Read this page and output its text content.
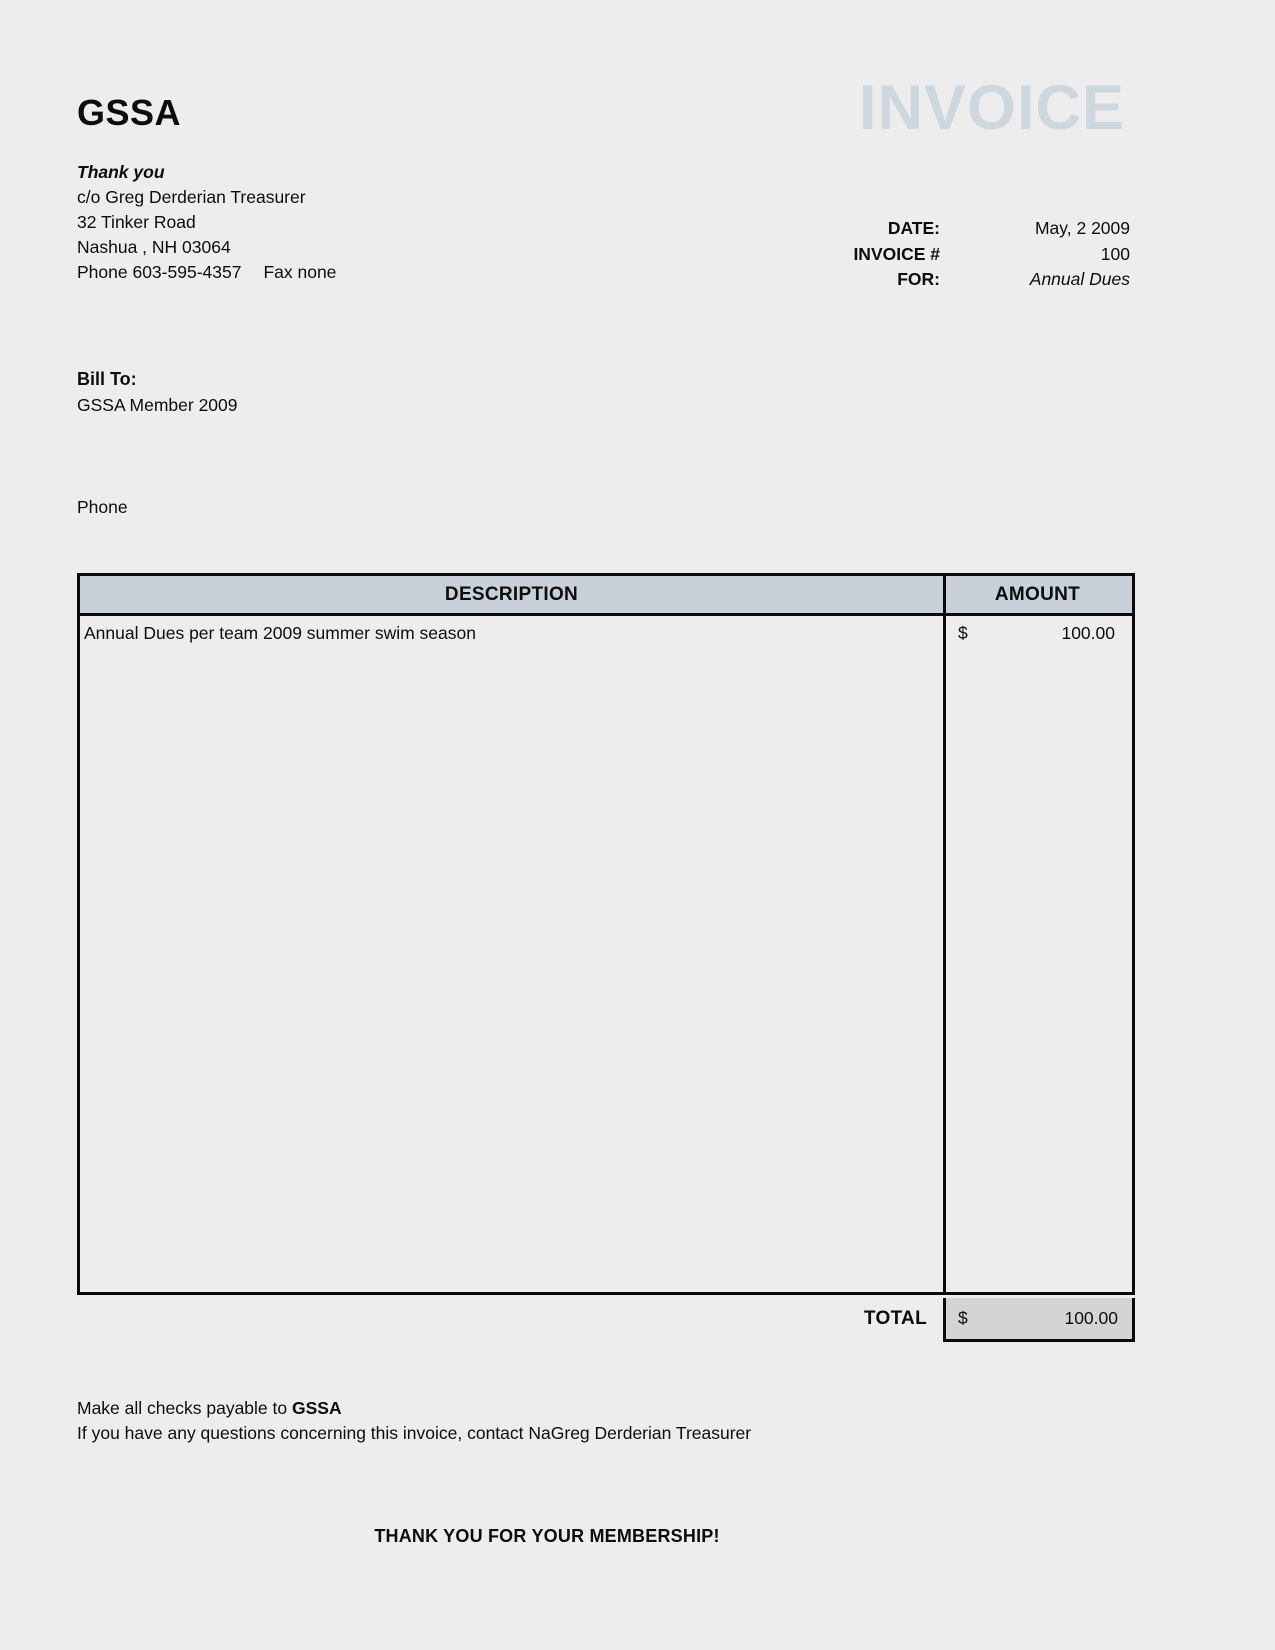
GSSA	INVOICE
Thank you
c/o Greg Derderian Treasurer
32 Tinker Road
Nashua , NH 03064
Phone 603-595-4357 Fax none
DATE:	May, 2 2009
INVOICE #	100
FOR:	Annual Dues
Bill To:
GSSA Member 2009
Phone
DESCRIPTION	AMOUNT
Annual Dues per team 2009 summer swim season	$	100.00
TOTAL	$	100.00
Make all checks payable to GSSA
If you have any questions concerning this invoice, contact NaGreg Derderian Treasurer
THANK YOU FOR YOUR MEMBERSHIP!
